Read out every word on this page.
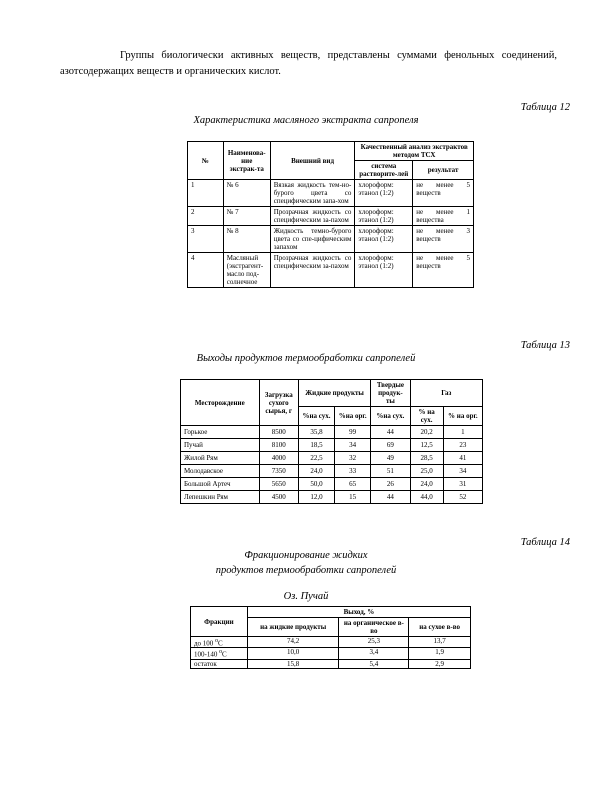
Группы биологически активных веществ, представлены суммами фенольных соединений, азотсодержащих веществ и органических кислот.

Таблица 12

Характеристика масляного экстракта сапропеля

№	Наименова-ние экстрак-та	Внешний вид	Качественный анализ экстрактов методом ТСХ	
			система растворите-лей	результат
1	№ 6	Вязкая жидкость тем-но-бурого цвета со специфическим запа-хом	хлороформ: этанол (1:2)	не менее 5 веществ
2	№ 7	Прозрачная жидкость со специфическим за-пахом	хлороформ: этанол (1:2)	не менее 1 вещества
3	№ 8	Жидкость темно-бурого цвета со спе-цифическим запахом	хлороформ: этанол (1:2)	не менее 3 веществ
4	Масляный (экстрагент-масло под-солнечное	Прозрачная жидкость со специфическим за-пахом	хлороформ: этанол (1:2)	не менее 5 веществ
Таблица 13

Выходы продуктов термообработки сапропелей

Месторождение	Загрузка сухого сырья, г	Жидкие продукты		Твердые продук-ты	Газ	
		%на сух.	%на орг.	%на сух.	% на сух.	% на орг.
Горькое	8500	35,8	99	44	20,2	1
Пучай	8100	18,5	34	69	12,5	23
Жилой Рям	4000	22,5	32	49	28,5	41
Молодавское	7350	24,0	33	51	25,0	34
Большой Артеч	5650	50,0	65	26	24,0	31
Лепешкин Рям	4500	12,0	15	44	44,0	52
Таблица 14

Фракционирование жидких

продуктов термообработки сапропелей

Оз. Пучай

Фракции	Выход, %		
	на жидкие продукты	на органическое в-во	на сухое в-во
до 100 $^o$C	74,2	25,3	13,7
100-140 $^o$C	10,0	3,4	1,9
остаток	15,8	5,4	2,9
